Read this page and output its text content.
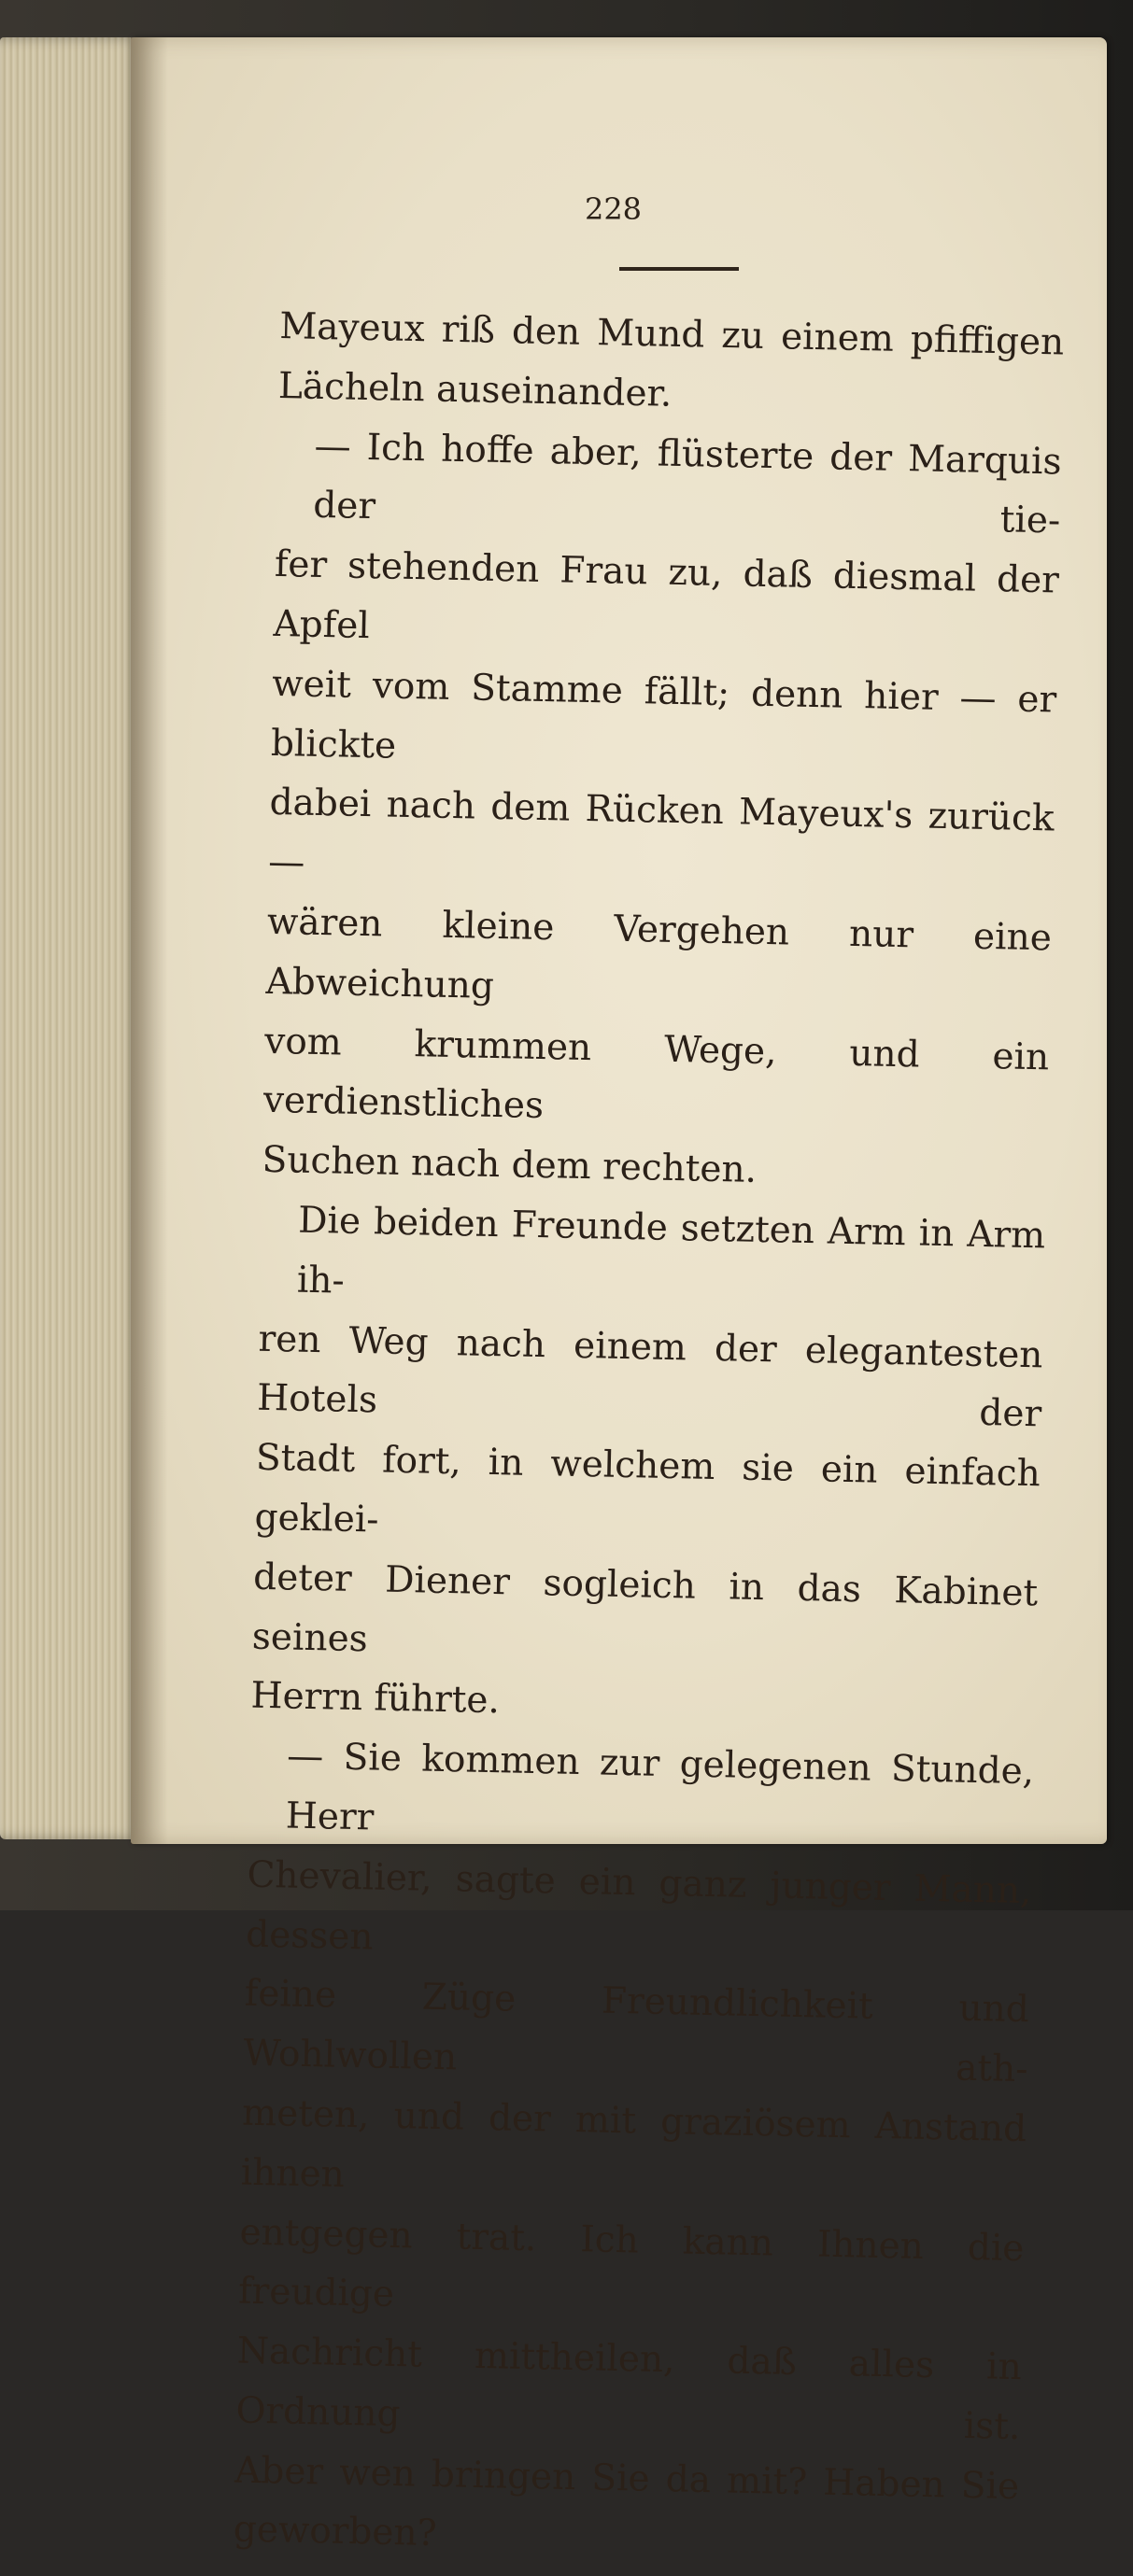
228

Mayeux riß den Mund zu einem pfiffigen
Lächeln auseinander.

— Ich hoffe aber, flüsterte der Marquis der tie-
fer stehenden Frau zu, daß diesmal der Apfel
weit vom Stamme fällt; denn hier — er blickte
dabei nach dem Rücken Mayeux's zurück —
wären kleine Vergehen nur eine Abweichung
vom krummen Wege, und ein verdienstliches
Suchen nach dem rechten.

Die beiden Freunde setzten Arm in Arm ih-
ren Weg nach einem der elegantesten Hotels der
Stadt fort, in welchem sie ein einfach geklei-
deter Diener sogleich in das Kabinet seines
Herrn führte.

— Sie kommen zur gelegenen Stunde, Herr
Chevalier, sagte ein ganz junger Mann, dessen
feine Züge Freundlichkeit und Wohlwollen ath-
meten, und der mit graziösem Anstand ihnen
entgegen trat. Ich kann Ihnen die freudige
Nachricht mittheilen, daß alles in Ordnung ist.
Aber wen bringen Sie da mit? Haben Sie
geworben?
